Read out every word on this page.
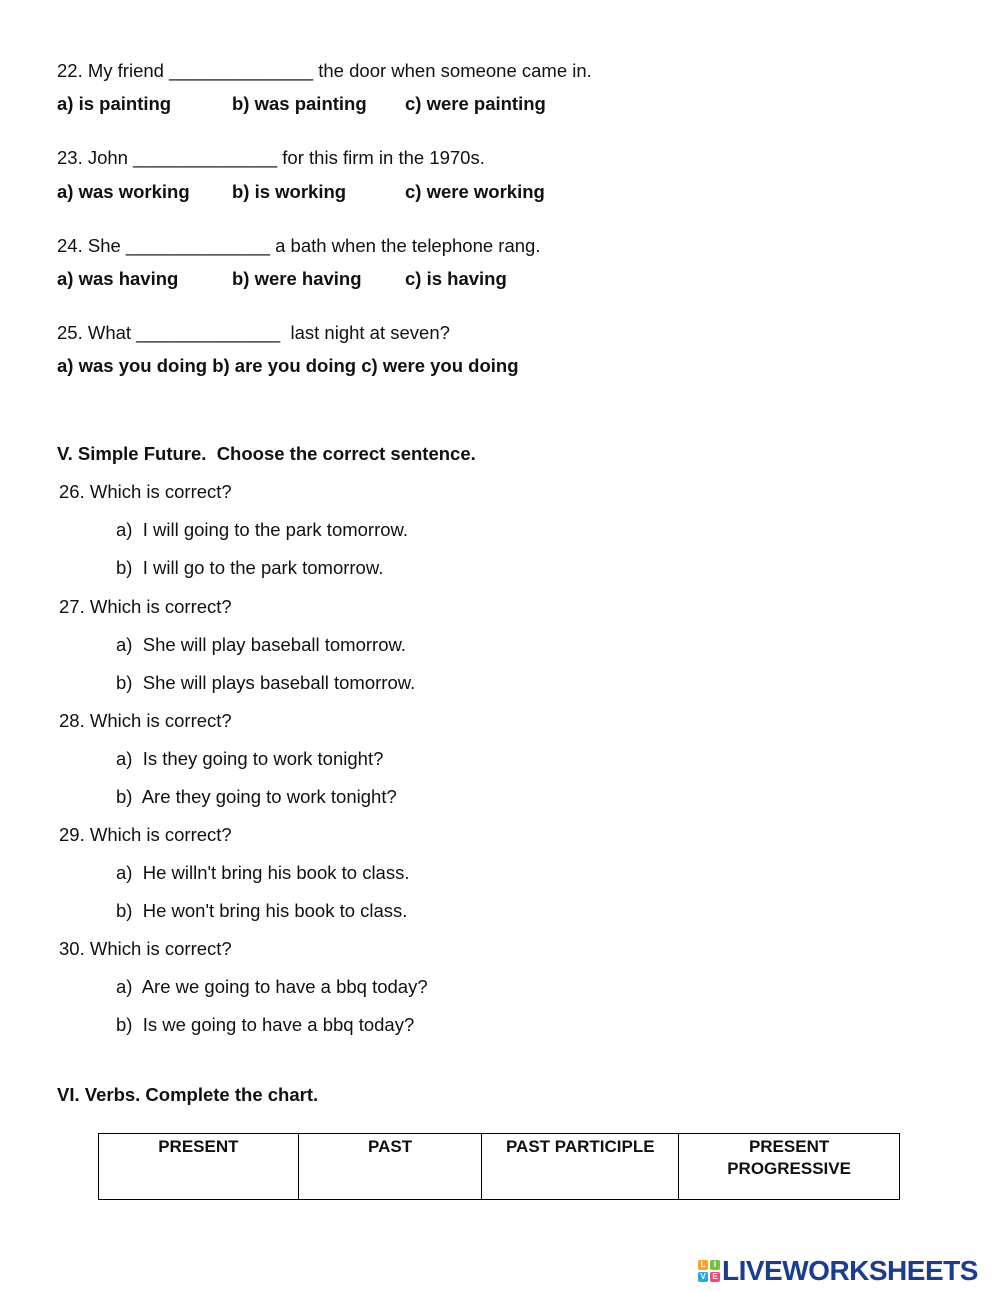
22. My friend ______________ the door when someone came in.
a) is painting	b) was painting c) were painting
23. John ______________ for this firm in the 1970s.
a) was working b) is working	c) were working
24. She ______________ a bath when the telephone rang.
a) was having	b) were having c) is having
25. What ______________  last night at seven?
a) was you doing b) are you doing c) were you doing
V. Simple Future.  Choose the correct sentence.
26. Which is correct?
a)  I will going to the park tomorrow.
b)  I will go to the park tomorrow.
27. Which is correct?
a)  She will play baseball tomorrow.
b)  She will plays baseball tomorrow.
28. Which is correct?
a)  Is they going to work tonight?
b)  Are they going to work tonight?
29. Which is correct?
a)  He willn't bring his book to class.
b)  He won't bring his book to class.
30. Which is correct?
a)  Are we going to have a bbq today?
b)  Is we going to have a bbq today?
VI. Verbs. Complete the chart.
PRESENT	PAST	PAST PARTICIPLE	PRESENT PROGRESSIVE
L	I
V E LIVEWORKSHEETS
